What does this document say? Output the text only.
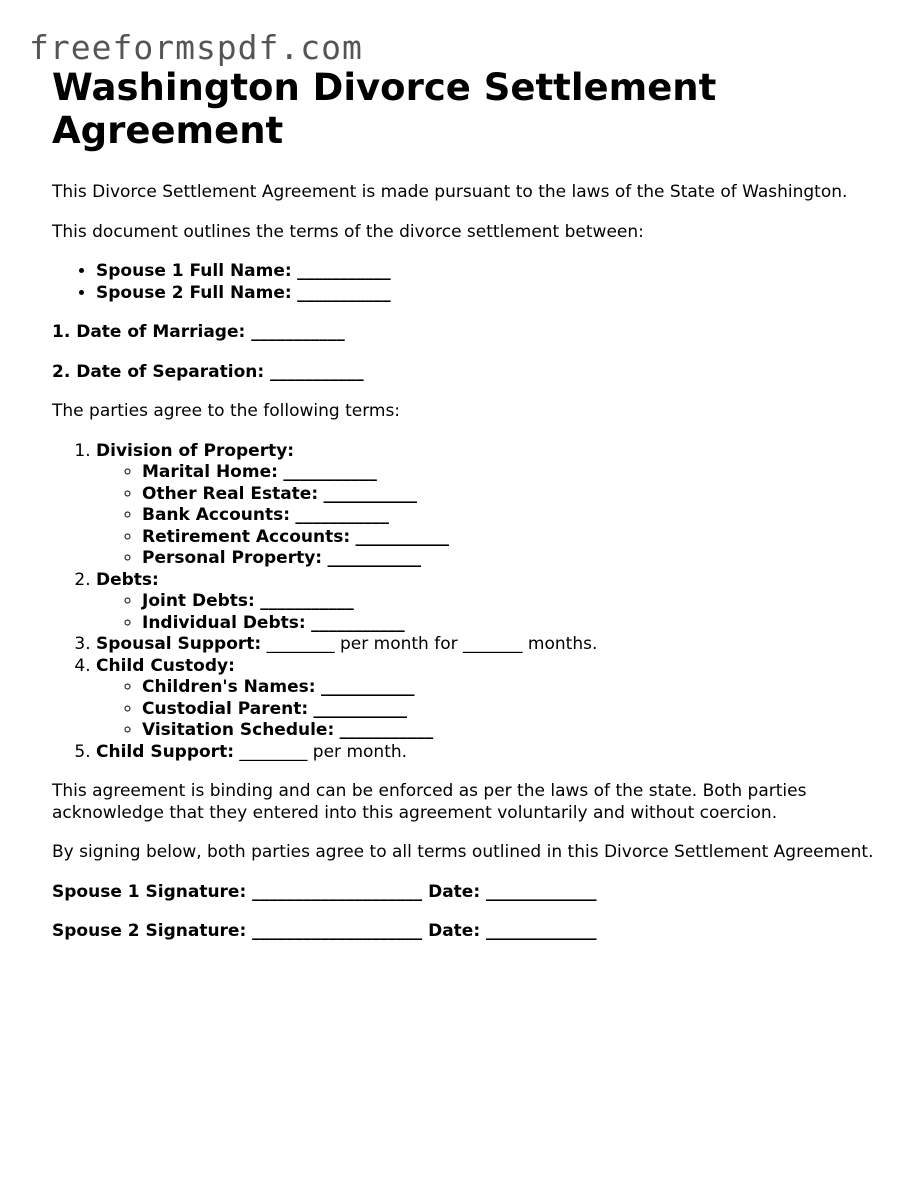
freeformspdf.com
Washington Divorce Settlement Agreement

This Divorce Settlement Agreement is made pursuant to the laws of the State of Washington.

This document outlines the terms of the divorce settlement between:

• Spouse 1 Full Name: ___________
• Spouse 2 Full Name: ___________

1. Date of Marriage: ___________

2. Date of Separation: ___________

The parties agree to the following terms:

1. Division of Property:
◦ Marital Home: ___________
◦ Other Real Estate: ___________
◦ Bank Accounts: ___________
◦ Retirement Accounts: ___________
◦ Personal Property: ___________
2. Debts:
◦ Joint Debts: ___________
◦ Individual Debts: ___________
3. Spousal Support: ________ per month for _______ months.
4. Child Custody:
◦ Children's Names: ___________
◦ Custodial Parent: ___________
◦ Visitation Schedule: ___________
5. Child Support: ________ per month.

This agreement is binding and can be enforced as per the laws of the state. Both parties acknowledge that they entered into this agreement voluntarily and without coercion.

By signing below, both parties agree to all terms outlined in this Divorce Settlement Agreement.

Spouse 1 Signature: ____________________ Date: _____________

Spouse 2 Signature: ____________________ Date: _____________
